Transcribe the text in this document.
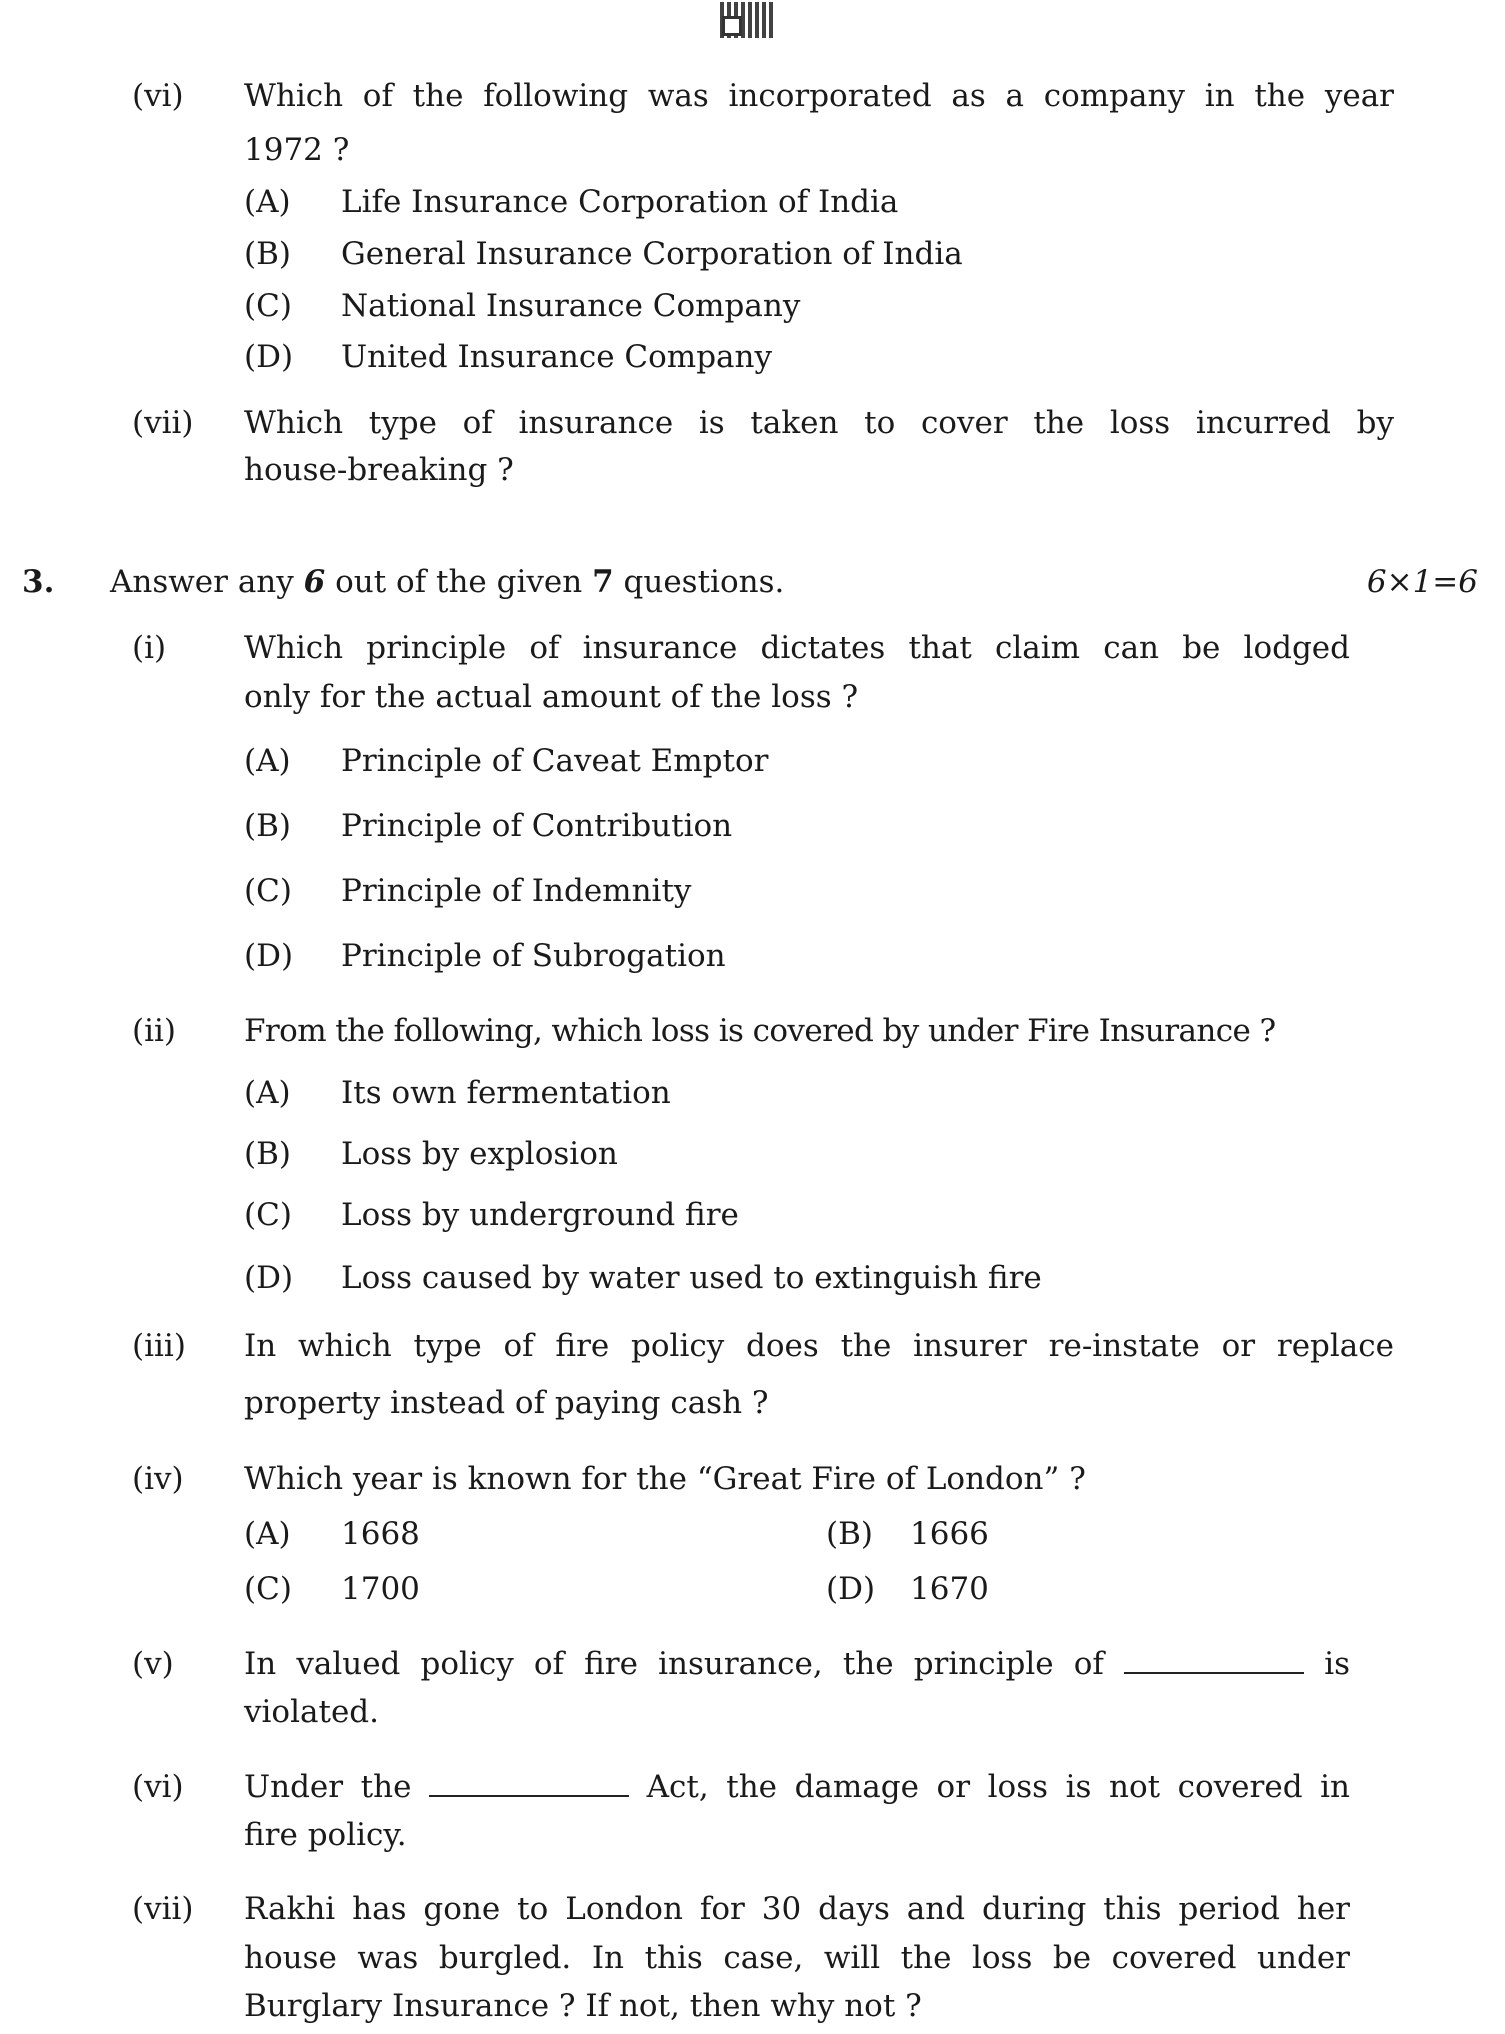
(vi) Which of the following was incorporated as a company in the year
1972 ?
(A) Life Insurance Corporation of India
(B) General Insurance Corporation of India
(C) National Insurance Company
(D) United Insurance Company
(vii) Which type of insurance is taken to cover the loss incurred by
house-breaking ?
3. Answer any 6 out of the given 7 questions.	6×1=6
(i)	Which principle of insurance dictates that claim can be lodged
only for the actual amount of the loss ?
(A) Principle of Caveat Emptor
(B) Principle of Contribution
(C) Principle of Indemnity
(D) Principle of Subrogation
(ii) From the following, which loss is covered by under Fire Insurance ?
(A) Its own fermentation
(B) Loss by explosion
(C) Loss by underground fire
(D) Loss caused by water used to extinguish fire
(iii) In which type of fire policy does the insurer re-instate or replace
property instead of paying cash ?
(iv) Which year is known for the “Great Fire of London” ?
(A) 1668	(B) 1666
(C) 1700	(D) 1670
(v) In valued policy of fire insurance, the principle of	is
violated.
(vi) Under the	Act, the damage or loss is not covered in
fire policy.
(vii) Rakhi has gone to London for 30 days and during this period her
house was burgled. In this case, will the loss be covered under
Burglary Insurance ? If not, then why not ?
